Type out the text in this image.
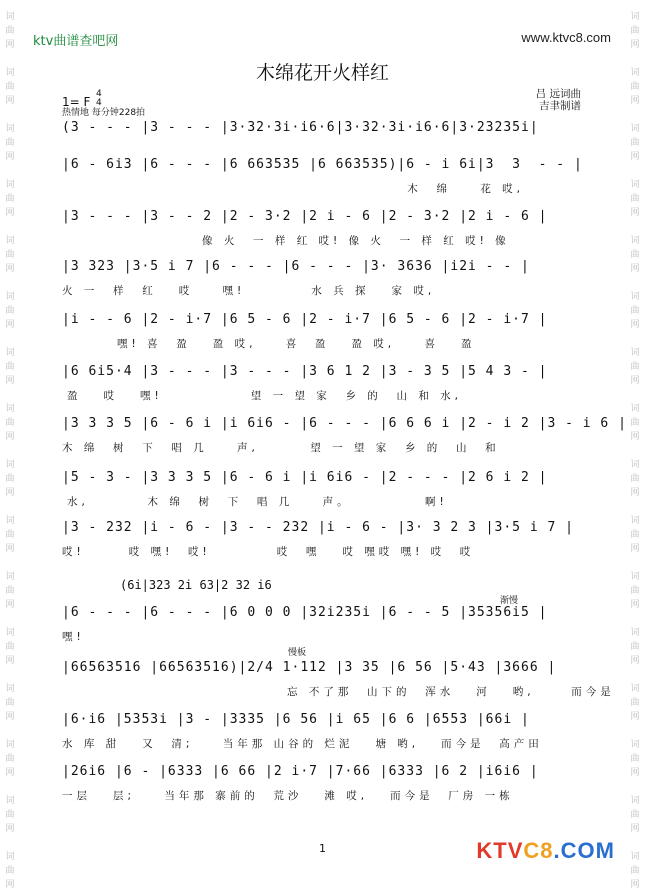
ktv曲谱查吧网	www.ktvc8.com
木绵花开火样红
吕 远词曲
吉聿制谱
1= F
4
4
热情地 每分钟228拍
(3 - - - |3 - - - |3·32·3i·i6·6|3·32·3i·i6·6|3·23235i|
|6 - 6i3 |6 - - - |6 663535 |6 663535)|6 - i 6i|3  3  - - |
木  绵    花 哎,
|3 - - - |3 - - 2 |2 - 3·2 |2 i - 6 |2 - 3·2 |2 i - 6 |
像 火  一 样 红 哎! 像 火  一 样 红 哎! 像
|3 323 |3·5 i 7 |6 - - - |6 - - - |3· 3636 |i2i - - |
火 一  样  红   哎    嘿!         水 兵 探   家 哎,
|i - - 6 |2 - i·7 |6 5 - 6 |2 - i·7 |6 5 - 6 |2 - i·7 |
嘿! 喜  盈   盈 哎,    喜  盈   盈 哎,    喜   盈
|6 6i5·4 |3 - - - |3 - - - |3 6 1 2 |3 - 3 5 |5 4 3 - |
盈   哎   嘿!            望 一 望 家  乡 的  山 和 水,
|3 3 3 5 |6 - 6 i |i 6i6 - |6 - - - |6 6 6 i |2 - i 2 |3 - i 6 |
木 绵  树  下  唱 几    声,       望 一 望 家  乡 的  山  和
|5 - 3 - |3 3 3 5 |6 - 6 i |i 6i6 - |2 - - - |2 6 i 2 |
水,        木 绵  树  下  唱 几    声。          啊!
|3 - 232 |i - 6 - |3 - - 232 |i - 6 - |3· 3 2 3 |3·5 i 7 |
哎!      哎 嘿!  哎!         哎  嘿   哎 嘿哎 嘿! 哎  哎
|6 - - - |6 - - - |6 0 0 0 |32i235i |6 - - 5 |35356i5 |
嘿!
|66563516 |66563516)|2/4 1·112 |3 35 |6 56 |5·43 |3666 |
忘 不了那  山下的  浑水   河   哟,     而今是
|6·i6 |5353i |3 - |3335 |6 56 |i 65 |6 6 |6553 |66i |
水 库 甜   又  清;    当年那 山谷的 烂泥   塘 哟,   而今是  高产田
|26i6 |6 - |6333 |6 66 |2 i·7 |7·66 |6333 |6 2 |i6i6 |
一层   层;    当年那 寨前的  荒沙   滩 哎,   而今是  厂房 一栋
(6i|323 2i 63|2 32 i6
渐慢
慢板
1	KTVC8.COM
词
曲
网
词
曲
网
词
曲
网
词
曲
网
词
曲
网
词
曲
网
词
曲
网
词
曲
网
词
曲
网
词
曲
网
词
曲
网
词
曲
网
词
曲
网
词
曲
网
词
曲
网
词
曲
网
词
曲
网
词
曲
网
词
曲
网
词
曲
网
词
曲
网
词
曲
网
词
曲
网
词
曲
网
词
曲
网
词
曲
网
词
曲
网
词
曲
网
词
曲
网
词
曲
网
词
曲
网
词
曲
网
